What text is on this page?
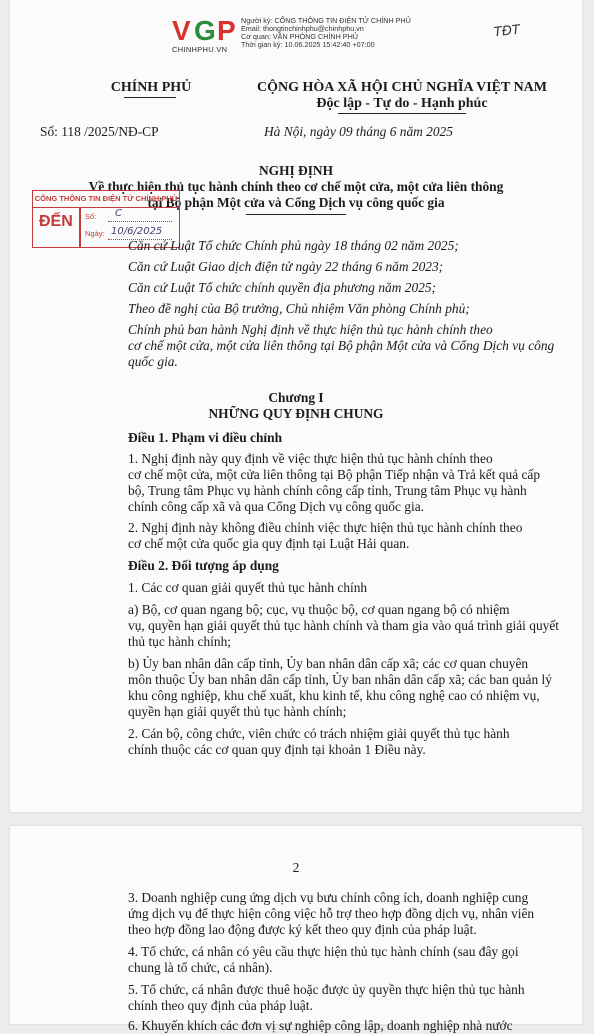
V G P
CHINHPHU.VN
Người ký: CỔNG THÔNG TIN ĐIỆN TỬ CHÍNH PHỦ
Email: thongtinchinhphu@chinhphu.vn
Cơ quan: VĂN PHÒNG CHÍNH PHỦ
Thời gian ký: 10.06.2025 15:42:40 +07:00
TĐT
CHÍNH PHỦ	CỘNG HÒA XÃ HỘI CHỦ NGHĨA VIỆT NAM
Độc lập - Tự do - Hạnh phúc
Số: 118 /2025/NĐ-CP	Hà Nội, ngày 09 tháng 6 năm 2025
NGHỊ ĐỊNH
Về thực hiện thủ tục hành chính theo cơ chế một cửa, một cửa liên thông
tại Bộ phận Một cửa và Cổng Dịch vụ công quốc gia
CỔNG THÔNG TIN ĐIỆN TỬ CHÍNH PHỦ
ĐẾN Số: C
Ngày: 10/6/2025
Căn cứ Luật Tổ chức Chính phủ ngày 18 tháng 02 năm 2025;
Căn cứ Luật Giao dịch điện tử ngày 22 tháng 6 năm 2023;
Căn cứ Luật Tổ chức chính quyền địa phương năm 2025;
Theo đề nghị của Bộ trưởng, Chủ nhiệm Văn phòng Chính phủ;
Chính phủ ban hành Nghị định về thực hiện thủ tục hành chính theo
cơ chế một cửa, một cửa liên thông tại Bộ phận Một cửa và Cổng Dịch vụ công
quốc gia.
Chương I
NHỮNG QUY ĐỊNH CHUNG
Điều 1. Phạm vi điều chỉnh
1. Nghị định này quy định về việc thực hiện thủ tục hành chính theo
cơ chế một cửa, một cửa liên thông tại Bộ phận Tiếp nhận và Trả kết quả cấp
bộ, Trung tâm Phục vụ hành chính công cấp tỉnh, Trung tâm Phục vụ hành
chính công cấp xã và qua Cổng Dịch vụ công quốc gia.
2. Nghị định này không điều chỉnh việc thực hiện thủ tục hành chính theo
cơ chế một cửa quốc gia quy định tại Luật Hải quan.
Điều 2. Đối tượng áp dụng
1. Các cơ quan giải quyết thủ tục hành chính
a) Bộ, cơ quan ngang bộ; cục, vụ thuộc bộ, cơ quan ngang bộ có nhiệm
vụ, quyền hạn giải quyết thủ tục hành chính và tham gia vào quá trình giải quyết
thủ tục hành chính;
b) Ủy ban nhân dân cấp tỉnh, Ủy ban nhân dân cấp xã; các cơ quan chuyên
môn thuộc Ủy ban nhân dân cấp tỉnh, Ủy ban nhân dân cấp xã; các ban quản lý
khu công nghiệp, khu chế xuất, khu kinh tế, khu công nghệ cao có nhiệm vụ,
quyền hạn giải quyết thủ tục hành chính;
2. Cán bộ, công chức, viên chức có trách nhiệm giải quyết thủ tục hành
chính thuộc các cơ quan quy định tại khoản 1 Điều này.
2
3. Doanh nghiệp cung ứng dịch vụ bưu chính công ích, doanh nghiệp cung
ứng dịch vụ để thực hiện công việc hỗ trợ theo hợp đồng dịch vụ, nhân viên
theo hợp đồng lao động được ký kết theo quy định của pháp luật.
4. Tổ chức, cá nhân có yêu cầu thực hiện thủ tục hành chính (sau đây gọi
chung là tổ chức, cá nhân).
5. Tổ chức, cá nhân được thuê hoặc được ủy quyền thực hiện thủ tục hành
chính theo quy định của pháp luật.
6. Khuyến khích các đơn vị sự nghiệp công lập, doanh nghiệp nhà nước
